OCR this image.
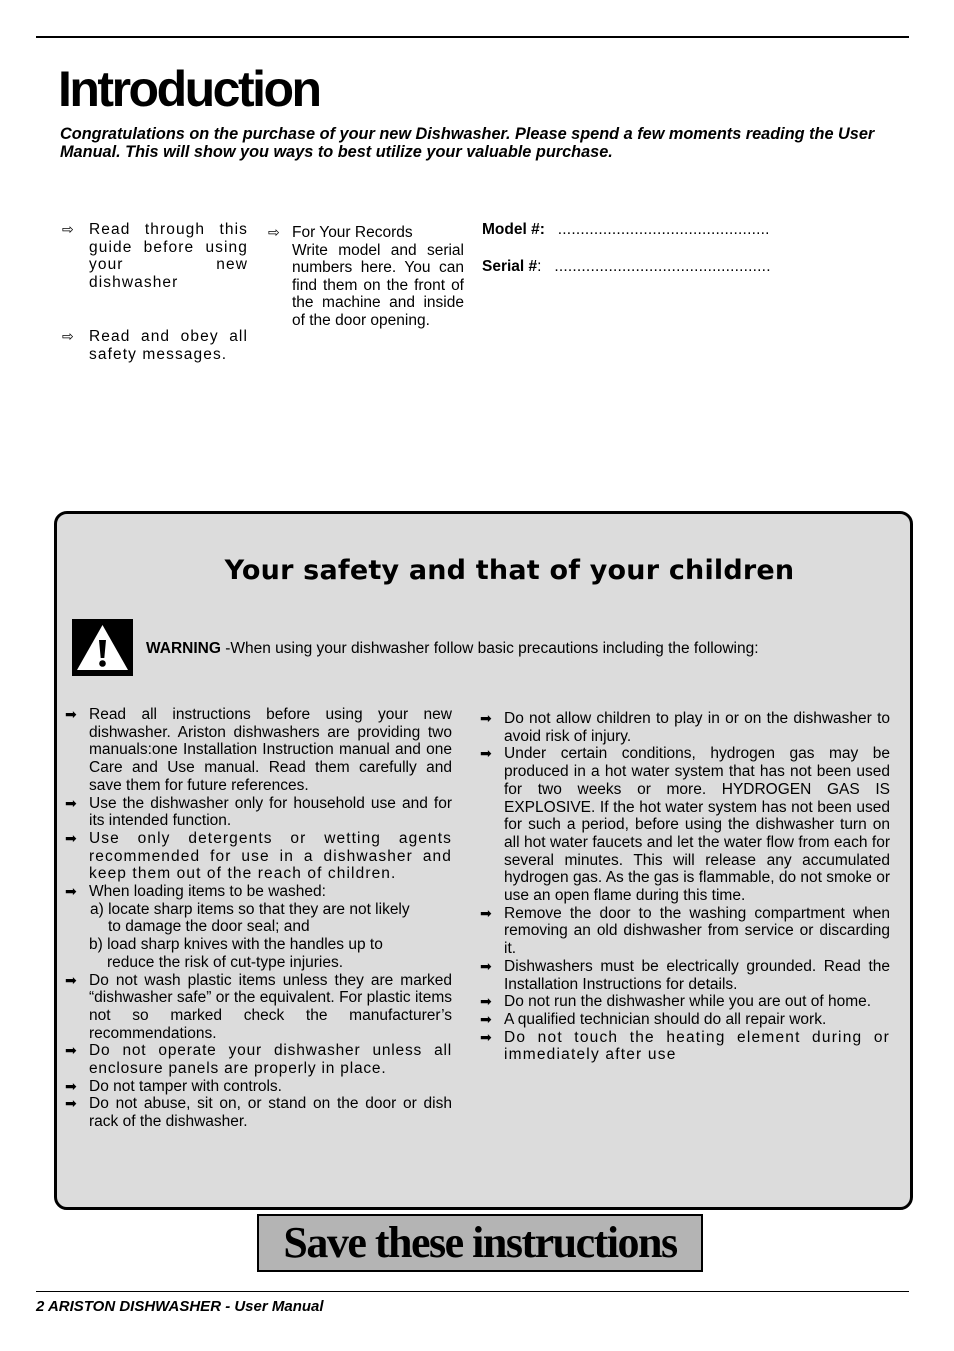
Introduction

Congratulations on the purchase of your new Dishwasher. Please spend a few moments reading the User Manual. This will show you ways to best utilize your valuable purchase.

⇨ Read through this guide before using your new dishwasher
⇨ Read and obey all safety messages.
⇨ For Your Records
Write model and serial numbers here. You can find them on the front of the machine and inside of the door opening.
Model #: ...............................................
Serial #: ................................................
Your safety and that of your children
WARNING -When using your dishwasher follow basic precautions including the following:
➡ Read all instructions before using your new dishwasher. Ariston dishwashers are providing two manuals:one Installation Instruction manual and one Care and Use manual. Read them carefully and save them for future references.
➡ Use the dishwasher only for household use and for its intended function.
➡ Use only detergents or wetting agents recommended for use in a dishwasher and keep them out of the reach of children.
➡ When loading items to be washed:
a) locate sharp items so that they are not likely
to damage the door seal; and
b) load sharp knives with the handles up to
reduce the risk of cut-type injuries.
➡ Do not wash plastic items unless they are marked “dishwasher safe” or the equivalent. For plastic items not so marked check the manufacturer’s recommendations.
➡ Do not operate your dishwasher unless all enclosure panels are properly in place.
➡ Do not tamper with controls.
➡ Do not abuse, sit on, or stand on the door or dish rack of the dishwasher.
➡ Do not allow children to play in or on the dishwasher to avoid risk of injury.
➡ Under certain conditions, hydrogen gas may be produced in a hot water system that has not been used for two weeks or more. HYDROGEN GAS IS EXPLOSIVE. If the hot water system has not been used for such a period, before using the dishwasher turn on all hot water faucets and let the water flow from each for several minutes. This will release any accumulated hydrogen gas. As the gas is flammable, do not smoke or use an open flame during this time.
➡ Remove the door to the washing compartment when removing an old dishwasher from service or discarding it.
➡ Dishwashers must be electrically grounded. Read the Installation Instructions for details.
➡ Do not run the dishwasher while you are out of home.
➡ A qualified technician should do all repair work.
➡ Do not touch the heating element during or immediately after use
Save these instructions
2 ARISTON DISHWASHER - User Manual
